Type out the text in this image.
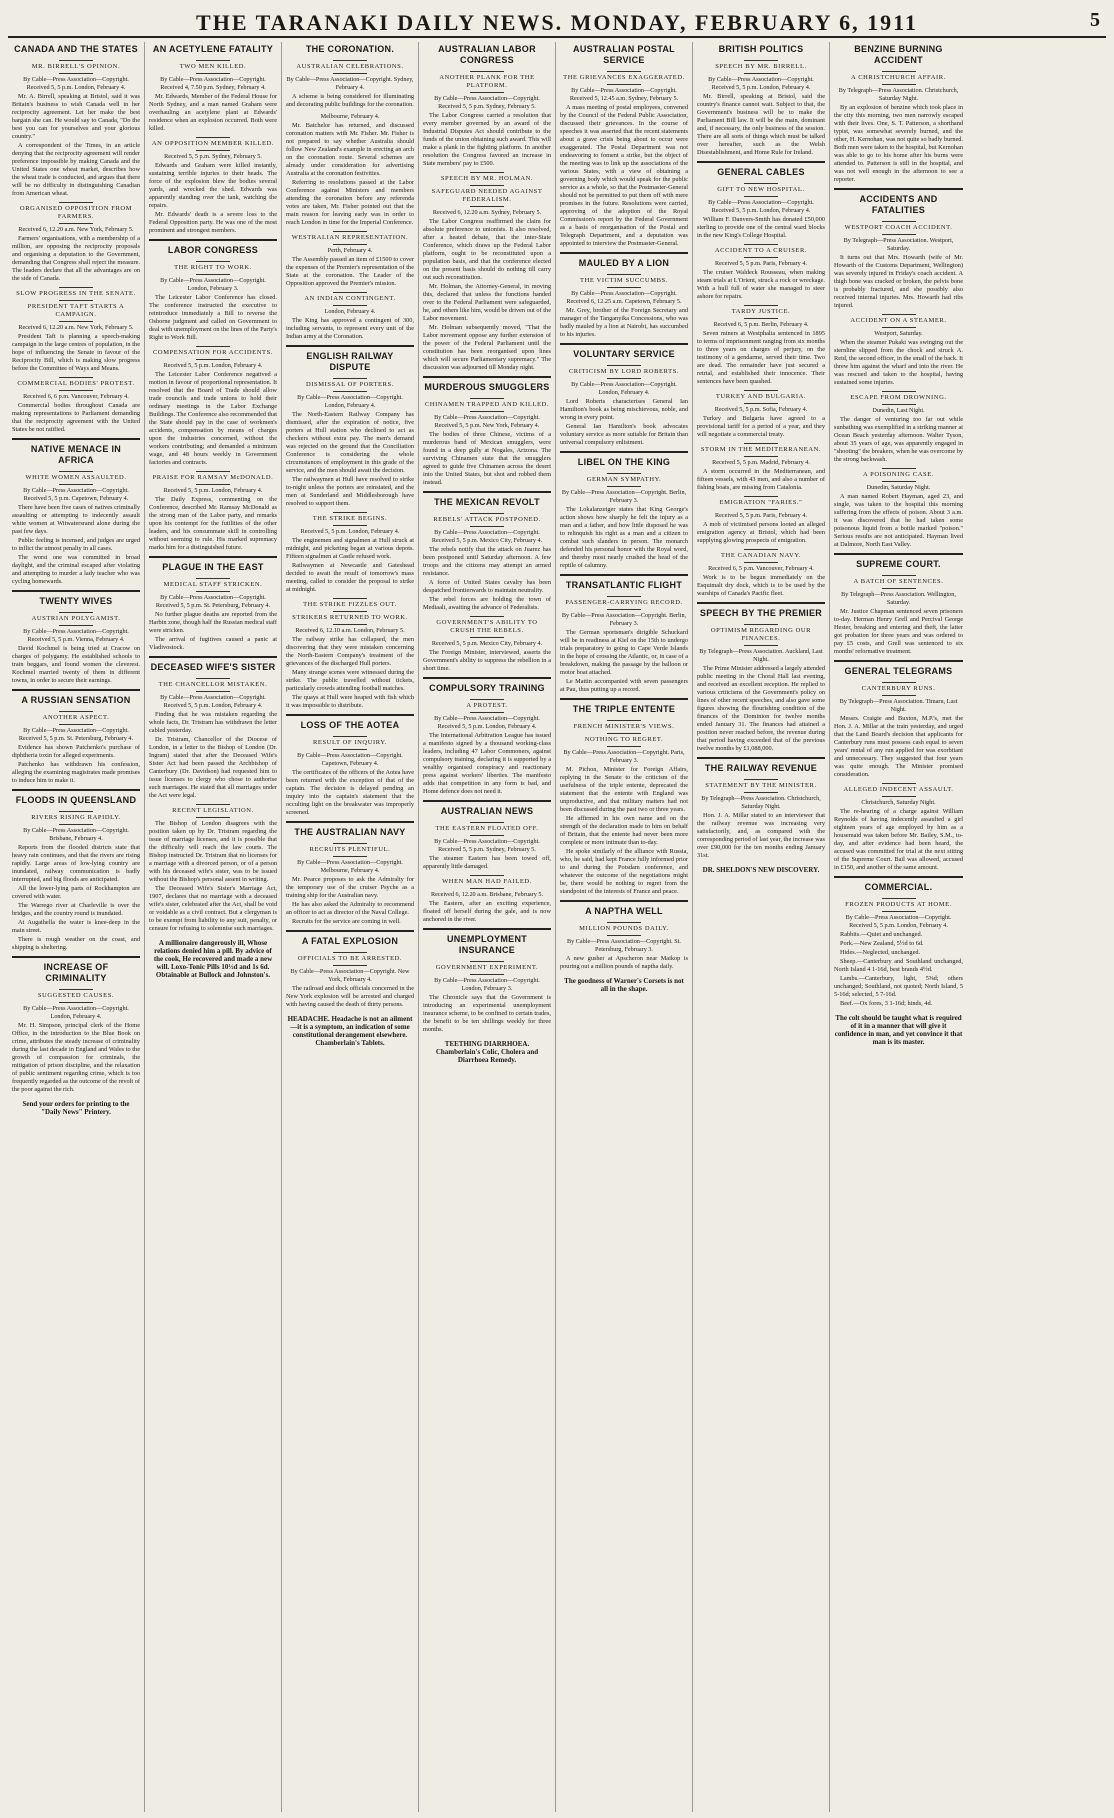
THE TARANAKI DAILY NEWS. MONDAY, FEBRUARY 6, 1911	5
CANADA AND THE STATES
MR. BIRRELL'S OPINION.
By Cable—Press Association—Copyright. Received 5, 5 p.m. London, February 4.

Mr. A. Birrell, speaking at Bristol, said it was Britain's business to wish Canada well in her reciprocity agreement. Let her make the best bargain she can. He would say to Canada, "Do the best you can for yourselves and your glorious country."

A correspondent of the Times, in an article denying that the reciprocity agreement will render preference impossible by making Canada and the United States one wheat market, describes how the wheat trade is conducted, and argues that there will be no difficulty in distinguishing Canadian from American wheat.

ORGANISED OPPOSITION FROM FARMERS.
Received 6, 12.20 a.m. New York, February 5.

Farmers' organisations, with a membership of a million, are opposing the reciprocity proposals and organising a deputation to the Government, demanding that Congress shall reject the measure. The leaders declare that all the advantages are on the side of Canada.

SLOW PROGRESS IN THE SENATE.
PRESIDENT TAFT STARTS A CAMPAIGN.
Received 6, 12.20 a.m. New York, February 5.

President Taft is planning a speech-making campaign in the large centres of population, in the hope of influencing the Senate in favour of the Reciprocity Bill, which is making slow progress before the Committee of Ways and Means.

COMMERCIAL BODIES' PROTEST.
Received 6, 6 p.m. Vancouver, February 4.

Commercial bodies throughout Canada are making representations to Parliament demanding that the reciprocity agreement with the United States be not ratified.

NATIVE MENACE IN AFRICA
WHITE WOMEN ASSAULTED.
By Cable—Press Association—Copyright. Received 5, 5 p.m. Capetown, February 4.

There have been five cases of natives criminally assaulting or attempting to indecently assault white women at Witwatersrand alone during the past few days.

Public feeling is incensed, and judges are urged to inflict the utmost penalty in all cases.

The worst one was committed in broad daylight, and the criminal escaped after violating and attempting to murder a lady teacher who was cycling homewards.

TWENTY WIVES
AUSTRIAN POLYGAMIST.
By Cable—Press Association—Copyright. Received 5, 5 p.m. Vienna, February 4.

David Kochmel is being tried at Cracow on charges of polygamy. He established schools to train beggars, and found women the cleverest. Kochmel married twenty of them in different towns, in order to secure their earnings.

A RUSSIAN SENSATION
ANOTHER ASPECT.
By Cable—Press Association—Copyright. Received 5, 5 p.m. St. Petersburg, February 4.

Evidence has shown Patchenko's purchase of diphtheria toxin for alleged experiments.

Patchenko has withdrawn his confession, alleging the examining magistrates made promises to induce him to make it.

FLOODS IN QUEENSLAND
RIVERS RISING RAPIDLY.
By Cable—Press Association—Copyright. Brisbane, February 4.

Reports from the flooded districts state that heavy rain continues, and that the rivers are rising rapidly. Large areas of low-lying country are inundated, railway communication is badly interrupted, and big floods are anticipated.

All the lower-lying parts of Rockhampton are covered with water.

The Warrego river at Charleville is over the bridges, and the country round is inundated.

At Augathella the water is knee-deep in the main street.

There is rough weather on the coast, and shipping is sheltering.

INCREASE OF CRIMINALITY
SUGGESTED CAUSES.
By Cable—Press Association—Copyright. London, February 4.

Mr. H. Simpson, principal clerk of the Home Office, in the introduction to the Blue Book on crime, attributes the steady increase of criminality during the last decade in England and Wales to the growth of compassion for criminals, the mitigation of prison discipline, and the relaxation of public sentiment regarding crime, which is too frequently regarded as the outcome of the revolt of the poor against the rich.

Send your orders for printing to the "Daily News" Printery.
AN ACETYLENE FATALITY
TWO MEN KILLED.
By Cable—Press Association—Copyright. Received 4, 7.50 p.m. Sydney, February 4.

Mr. Edwards, Member of the Federal House for North Sydney, and a man named Graham were overhauling an acetylene plant at Edwards' residence when an explosion occurred. Both were killed.

AN OPPOSITION MEMBER KILLED.
Received 5, 5 p.m. Sydney, February 5.

Edwards and Graham were killed instantly, sustaining terrible injuries to their heads. The force of the explosion blew the bodies several yards, and wrecked the shed. Edwards was apparently standing over the tank, watching the repairs.

Mr. Edwards' death is a severe loss to the Federal Opposition party. He was one of the most prominent and strongest members.

LABOR CONGRESS
THE RIGHT TO WORK.
By Cable—Press Association—Copyright. London, February 3.

The Leicester Labor Conference has closed. The conference instructed the executive to reintroduce immediately a Bill to reverse the Osborne judgment and called on Government to deal with unemployment on the lines of the Party's Right to Work Bill.

COMPENSATION FOR ACCIDENTS.
Received 5, 5 p.m. London, February 4.

The Leicester Labor Conference negatived a motion in favour of proportional representation. It resolved that the Board of Trade should allow trade councils and trade unions to hold their ordinary meetings in the Labor Exchange Buildings. The Conference also recommended that the State should pay in the case of workmen's accidents, compensation by means of charges upon the industries concerned, without the workers contributing; and demanded a minimum wage, and 48 hours weekly in Government factories and contracts.

PRAISE FOR RAMSAY McDONALD.
Received 5, 5 p.m. London, February 4.

The Daily Express, commenting on the Conference, described Mr. Ramsay McDonald as the strong man of the Labor party, and remarks upon his contempt for the futilities of the other leaders, and his consummate skill in controlling without seeming to rule. His marked supremacy marks him for a distinguished future.

PLAGUE IN THE EAST
MEDICAL STAFF STRICKEN.
By Cable—Press Association—Copyright. Received 5, 5 p.m. St. Petersburg, February 4.

No further plague deaths are reported from the Harbin zone, though half the Russian medical staff were stricken.

The arrival of fugitives caused a panic at Vladivostock.

DECEASED WIFE'S SISTER
THE CHANCELLOR MISTAKEN.
By Cable—Press Association—Copyright. Received 5, 5 p.m. London, February 4.

Finding that he was mistaken regarding the whole facts, Dr. Tristram has withdrawn the letter cabled yesterday.

Dr. Tristram, Chancellor of the Diocese of London, in a letter to the Bishop of London (Dr. Ingram) stated that after the Deceased Wife's Sister Act had been passed the Archbishop of Canterbury (Dr. Davidson) had requested him to issue licenses to clergy who chose to authorise such marriages. He stated that all marriages under the Act were legal.

RECENT LEGISLATION.

The Bishop of London disagrees with the position taken up by Dr. Tristram regarding the issue of marriage licenses, and it is possible that the difficulty will reach the law courts. The Bishop instructed Dr. Tristram that no licenses for a marriage with a divorced person, or of a person with his deceased wife's sister, was to be issued without the Bishop's personal assent in writing.

The Deceased Wife's Sister's Marriage Act, 1907, declares that no marriage with a deceased wife's sister, celebrated after the Act, shall be void or voidable as a civil contract. But a clergyman is to be exempt from liability to any suit, penalty, or censure for refusing to solemnise such marriages.

A millionaire dangerously ill, Whose relations denied him a pill. By advice of the cook, He recovered and made a new will. Loxo-Tonic Pills 10½d and 1s 6d. Obtainable at Bullock and Johnston's.
THE CORONATION.
AUSTRALIAN CELEBRATIONS.
By Cable—Press Association—Copyright. Sydney, February 4.

A scheme is being considered for illuminating and decorating public buildings for the coronation.

Melbourne, February 4.

Mr. Batchelor has returned, and discussed coronation matters with Mr. Fisher. Mr. Fisher is not prepared to say whether Australia should follow New Zealand's example in erecting an arch on the coronation route. Several schemes are already under consideration for advertising Australia at the coronation festivities.

Referring to resolutions passed at the Labor Conference against Ministers and members attending the coronation before any referenda votes are taken, Mr. Fisher pointed out that the main reason for leaving early was in order to reach London in time for the Imperial Conference.

WESTRALIAN REPRESENTATION.
Perth, February 4.

The Assembly passed an item of £1500 to cover the expenses of the Premier's representation of the State at the coronation. The Leader of the Opposition approved the Premier's mission.

AN INDIAN CONTINGENT.
London, February 4.

The King has approved a contingent of 300, including servants, to represent every unit of the Indian army at the Coronation.

ENGLISH RAILWAY DISPUTE
DISMISSAL OF PORTERS.
By Cable—Press Association—Copyright. London, February 4.

The North-Eastern Railway Company has dismissed, after the expiration of notice, five porters at Hull station who declined to act as checkers without extra pay. The men's demand was rejected on the ground that the Conciliation Conference is considering the whole circumstances of employment in this grade of the service, and the men should await the decision.

The railwaymen at Hull have resolved to strike to-night unless the porters are reinstated, and the men at Sunderland and Middlesborough have resolved to support them.

THE STRIKE BEGINS.
Received 5, 5 p.m. London, February 4.

The enginemen and signalmen at Hull struck at midnight, and picketing began at various depots. Fifteen signalmen at Castle refused work.

Railwaymen at Newcastle and Gateshead decided to await the result of tomorrow's mass meeting, called to consider the proposal to strike at midnight.

THE STRIKE FIZZLES OUT.
STRIKERS RETURNED TO WORK.
Received 6, 12.10 a.m. London, February 5.

The railway strike has collapsed, the men discovering that they were mistaken concerning the North-Eastern Company's treatment of the grievances of the discharged Hull porters.

Many strange scenes were witnessed during the strike. The public travelled without tickets, particularly crowds attending football matches.

The quays at Hull were heaped with fish which it was impossible to distribute.

LOSS OF THE AOTEA
RESULT OF INQUIRY.
By Cable—Press Association—Copyright. Capetown, February 4.

The certificates of the officers of the Aotea have been returned with the exception of that of the captain. The decision is delayed pending an inquiry into the captain's statement that the occulting light on the breakwater was improperly screened.

THE AUSTRALIAN NAVY
RECRUITS PLENTIFUL.
By Cable—Press Association—Copyright. Melbourne, February 4.

Mr. Pearce proposes to ask the Admiralty for the temporary use of the cruiser Psyche as a training ship for the Australian navy.

He has also asked the Admiralty to recommend an officer to act as director of the Naval College.

Recruits for the service are coming in well.

A FATAL EXPLOSION
OFFICIALS TO BE ARRESTED.
By Cable—Press Association—Copyright. New York, February 4.

The railroad and dock officials concerned in the New York explosion will be arrested and charged with having caused the death of thirty persons.

HEADACHE. Headache is not an ailment—it is a symptom, an indication of some constitutional derangement elsewhere. Chamberlain's Tablets.
AUSTRALIAN LABOR CONGRESS
ANOTHER PLANK FOR THE PLATFORM.
By Cable—Press Association—Copyright. Received 5, 5 p.m. Sydney, February 5.

The Labor Congress carried a resolution that every member governed by an award of the Industrial Disputes Act should contribute to the funds of the union obtaining such award. This will make a plank in the fighting platform. In another resolution the Congress favored an increase in State members' pay to £500.

SPEECH BY MR. HOLMAN.
SAFEGUARD NEEDED AGAINST FEDERALISM.
Received 6, 12.20 a.m. Sydney, February 5.

The Labor Congress reaffirmed the claim for absolute preference to unionists. It also resolved, after a heated debate, that the inter-State Conference, which draws up the Federal Labor platform, ought to be reconstituted upon a population basis, and that the conference elected on the present basis should do nothing till carry out such reconstitution.

Mr. Holman, the Attorney-General, in moving this, declared that unless the functions handed over to the Federal Parliament were safeguarded, he, and others like him, would be driven out of the Labor movement.

Mr. Holman subsequently moved, "That the Labor movement oppose any further extension of the power of the Federal Parliament until the constitution has been reorganised upon lines which will secure Parliamentary supremacy." The discussion was adjourned till Monday night.

MURDEROUS SMUGGLERS
CHINAMEN TRAPPED AND KILLED.
By Cable—Press Association—Copyright. Received 5, 5 p.m. New York, February 4.

The bodies of three Chinese, victims of a murderous band of Mexican smugglers, were found in a deep gully at Nogales, Arizona. The surviving Chinamen state that the smugglers agreed to guide five Chinamen across the desert into the United States, but shot and robbed them instead.

THE MEXICAN REVOLT
REBELS' ATTACK POSTPONED.
By Cable—Press Association—Copyright. Received 5, 5 p.m. Mexico City, February 4.

The rebels notify that the attack on Juarez has been postponed until Saturday afternoon. A few troops and the citizens may attempt an armed resistance.

A force of United States cavalry has been despatched frontierwards to maintain neutrality.

The rebel forces are holding the town of Mediaali, awaiting the advance of Federalists.

GOVERNMENT'S ABILITY TO CRUSH THE REBELS.
Received 5, 5 p.m. Mexico City, February 4.

The Foreign Minister, interviewed, asserts the Government's ability to suppress the rebellion in a short time.

COMPULSORY TRAINING
A PROTEST.
By Cable—Press Association—Copyright. Received 5, 5 p.m. London, February 4.

The International Arbitration League has issued a manifesto signed by a thousand working-class leaders, including 47 Labor Commoners, against compulsory training, declaring it is supported by a wealthy organised conspiracy and reactionary press against workers' liberties. The manifesto adds that competition in any form is bad, and Home defence does not need it.

AUSTRALIAN NEWS
THE EASTERN FLOATED OFF.
By Cable—Press Association—Copyright. Received 5, 5 p.m. Sydney, February 5.

The steamer Eastern has been towed off, apparently little damaged.

WHEN MAN HAD FAILED.
Received 6, 12.20 a.m. Brisbane, February 5.

The Eastern, after an exciting experience, floated off herself during the gale, and is now anchored in the river.

UNEMPLOYMENT INSURANCE
GOVERNMENT EXPERIMENT.
By Cable—Press Association—Copyright. London, February 3.

The Chronicle says that the Government is introducing an experimental unemployment insurance scheme, to be confined to certain trades, the benefit to be ten shillings weekly for three months.

TEETHING DIARRHOEA. Chamberlain's Colic, Cholera and Diarrhoea Remedy.
AUSTRALIAN POSTAL SERVICE
THE GRIEVANCES EXAGGERATED.
By Cable—Press Association—Copyright. Received 5, 12.45 a.m. Sydney, February 5.

A mass meeting of postal employees, convened by the Council of the Federal Public Association, discussed their grievances. In the course of speeches it was asserted that the recent statements about a grave crisis being about to occur were exaggerated. The Postal Department was not endeavoring to foment a strike, but the object of the meeting was to link up the associations of the various States, with a view of obtaining a governing body which would speak for the public service as a whole, so that the Postmaster-General should not be permitted to put them off with mere promises in the future. Resolutions were carried, approving of the adoption of the Royal Commission's report by the Federal Government as a basis of reorganisation of the Postal and Telegraph Department, and a deputation was appointed to interview the Postmaster-General.

MAULED BY A LION
THE VICTIM SUCCUMBS.
By Cable—Press Association—Copyright. Received 6, 12.25 a.m. Capetown, February 5.

Mr. Grey, brother of the Foreign Secretary and manager of the Tanganyika Concessions, who was badly mauled by a lion at Nairobi, has succumbed to his injuries.

VOLUNTARY SERVICE
CRITICISM BY LORD ROBERTS.
By Cable—Press Association—Copyright. London, February 4.

Lord Roberts characterises General Ian Hamilton's book as being mischievous, noble, and wrong in every point.

General Ian Hamilton's book advocates voluntary service as more suitable for Britain than universal compulsory enlistment.

LIBEL ON THE KING
GERMAN SYMPATHY.
By Cable—Press Association—Copyright. Berlin, February 3.

The Lokalanzeiger states that King George's action shows how sharply he felt the injury as a man and a father, and how little disposed he was to relinquish his right as a man and a citizen to combat such slanders in person. The monarch defended his personal honor with the Royal word, and thereby most nearly crushed the head of the reptile of calumny.

TRANSATLANTIC FLIGHT
PASSENGER-CARRYING RECORD.
By Cable—Press Association—Copyright. Berlin, February 3.

The German sportsman's dirigible Schuckard will be in readiness at Kiel on the 15th to undergo trials preparatory to going to Cape Verde Islands in the hope of crossing the Atlantic, or, in case of a breakdown, making the passage by the balloon or motor boat attached.

Le Mattin accompanied with seven passengers at Pau, thus putting up a record.

THE TRIPLE ENTENTE
FRENCH MINISTER'S VIEWS.
NOTHING TO REGRET.
By Cable—Press Association—Copyright. Paris, February 3.

M. Pichon, Minister for Foreign Affairs, replying in the Senate to the criticism of the usefulness of the triple entente, deprecated the statement that the entente with England was unproductive, and that military matters had not been discussed during the past two or three years.

He affirmed in his own name and on the strength of the declaration made to him on behalf of Britain, that the entente had never been more complete or more intimate than to-day.

He spoke similarly of the alliance with Russia, who, he said, had kept France fully informed prior to and during the Potsdam conference, and whatever the outcome of the negotiations might be, there would be nothing to regret from the standpoint of the interests of France and peace.

A NAPTHA WELL
MILLION POUNDS DAILY.
By Cable—Press Association—Copyright. St. Petersburg, February 3.

A new gusher at Apscheron near Maikop is pouring out a million pounds of naptha daily.

The goodness of Warner's Corsets is not all in the shape.
BRITISH POLITICS
SPEECH BY MR. BIRRELL.
By Cable—Press Association—Copyright. Received 5, 5 p.m. London, February 4.

Mr. Birrell, speaking at Bristol, said the country's finance cannot wait. Subject to that, the Government's business will be to make the Parliament Bill law. It will be the main, dominant and, if necessary, the only business of the session. There are all sorts of things which must be talked over hereafter, such as the Welsh Disestablishment, and Home Rule for Ireland.

GENERAL CABLES
GIFT TO NEW HOSPITAL.
By Cable—Press Association—Copyright. Received 5, 5 p.m. London, February 4.

William F. Danvers-Smith has donated £50,000 sterling to provide one of the central ward blocks in the new King's College Hospital.

ACCIDENT TO A CRUISER.
Received 5, 5 p.m. Paris, February 4.

The cruiser Waldeck Rousseau, when making steam trials at L'Orient, struck a rock or wreckage. With a hull full of water she managed to steer ashore for repairs.

TARDY JUSTICE.
Received 6, 5 p.m. Berlin, February 4.

Seven miners at Westphalia sentenced in 1895 to terms of imprisonment ranging from six months to three years on charges of perjury, on the testimony of a gendarme, served their time. Two are dead. The remainder have just secured a retrial, and established their innocence. Their sentences have been quashed.

TURKEY AND BULGARIA.
Received 5, 5 p.m. Sofia, February 4.

Turkey and Bulgaria have agreed to a provisional tariff for a period of a year, and they will negotiate a commercial treaty.

STORM IN THE MEDITERRANEAN.
Received 5, 5 p.m. Madrid, February 4.

A storm occurred in the Mediterranean, and fifteen vessels, with 43 men, and also a number of fishing boats, are missing from Catalonia.

EMIGRATION "FARIES."
Received 5, 5 p.m. Paris, February 4.

A mob of victimised persons looted an alleged emigration agency at Bristol, which had been supplying glowing prospects of emigration.

THE CANADIAN NAVY.
Received 6, 5 p.m. Vancouver, February 4.

Work is to be begun immediately on the Esquimalt dry dock, which is to be used by the warships of Canada's Pacific fleet.

SPEECH BY THE PREMIER
OPTIMISM REGARDING OUR FINANCES.
By Telegraph—Press Association. Auckland, Last Night.

The Prime Minister addressed a largely attended public meeting in the Choral Hall last evening, and received an excellent reception. He replied to various criticisms of the Government's policy on lines of other recent speeches, and also gave some figures showing the flourishing condition of the finances of the Dominion for twelve months ended January 31. The finances had attained a position never reached before, the revenue during that period having exceeded that of the previous twelve months by £1,088,000.

THE RAILWAY REVENUE
STATEMENT BY THE MINISTER.
By Telegraph—Press Association. Christchurch, Saturday Night.

Hon. J. A. Millar stated to an interviewer that the railway revenue was increasing very satisfactorily, and, as compared with the corresponding period of last year, the increase was over £90,000 for the ten months ending January 31st.

DR. SHELDON'S NEW DISCOVERY.
BENZINE BURNING ACCIDENT
A CHRISTCHURCH AFFAIR.
By Telegraph—Press Association. Christchurch, Saturday Night.

By an explosion of benzine which took place in the city this morning, two men narrowly escaped with their lives. One, S. T. Patterson, a shorthand typist, was somewhat severely burned, and the other, H. Kernohan, was not quite so badly burned. Both men were taken to the hospital, but Kernohan was able to go to his home after his burns were attended to. Patterson is still in the hospital, and was not well enough in the afternoon to see a reporter.

ACCIDENTS AND FATALITIES
WESTPORT COACH ACCIDENT.
By Telegraph—Press Association. Westport, Saturday.

It turns out that Mrs. Howarth (wife of Mr. Howarth of the Customs Department, Wellington) was severely injured in Friday's coach accident. A thigh bone was cracked or broken, the pelvis bone is probably fractured, and she possibly also received internal injuries. Mrs. Howarth had ribs injured.

ACCIDENT ON A STEAMER.
Westport, Saturday.

When the steamer Pukaki was swinging out the sternline slipped from the chock and struck A. Reid, the second officer, in the small of the back. It threw him against the wharf and into the river. He was rescued and taken to the hospital, having sustained some injuries.

ESCAPE FROM DROWNING.
Dunedin, Last Night.

The danger of venturing too far out while sunbathing was exemplified in a striking manner at Ocean Beach yesterday afternoon. Walter Tyson, about 35 years of age, was apparently engaged in "shooting" the breakers, when he was overcome by the strong backwash.

A POISONING CASE.
Dunedin, Saturday Night.

A man named Robert Hayman, aged 23, and single, was taken to the hospital this morning suffering from the effects of poison. About 3 a.m. it was discovered that he had taken some poisonous liquid from a bottle marked "poison." Serious results are not anticipated. Hayman lived at Dalmore, North East Valley.

SUPREME COURT.
A BATCH OF SENTENCES.
By Telegraph—Press Association. Wellington, Saturday.

Mr. Justice Chapman sentenced seven prisoners to-day. Herman Henry Grell and Percival George Hester, breaking and entering and theft, the latter got probation for three years and was ordered to pay £5 costs, and Grell was sentenced to six months' reformative treatment.

GENERAL TELEGRAMS
CANTERBURY RUNS.
By Telegraph—Press Association. Timaru, Last Night.

Messrs. Craigie and Buxton, M.P.'s, met the Hon. J. A. Millar at the train yesterday, and urged that the Land Board's decision that applicants for Canterbury runs must possess cash equal to seven years' rental of any run applied for was exorbitant and unnecessary. They suggested that four years was quite enough. The Minister promised consideration.

ALLEGED INDECENT ASSAULT.
Christchurch, Saturday Night.

The re-hearing of a charge against William Reynolds of having indecently assaulted a girl eighteen years of age employed by him as a housemaid was taken before Mr. Bailey, S.M., to-day, and after evidence had been heard, the accused was committed for trial at the next sitting of the Supreme Court. Bail was allowed, accused in £150, and another of the same amount.

COMMERCIAL.
FROZEN PRODUCTS AT HOME.
By Cable—Press Association—Copyright. Received 5, 5 p.m. London, February 4.

Rabbits.—Quiet and unchanged.

Pork.—New Zealand, 5½d to 6d.

Hides.—Neglected, unchanged.

Sheep.—Canterbury and Southland unchanged, North Island 4 1-16d, best brands 4½d.

Lambs.—Canterbury, light, 5⅝d; others unchanged; Southland, not quoted; North Island, 5 5-16d; selected, 5 7-16d.

Beef.—Ox fores, 3 1-16d; hinds, 4d.

The colt should be taught what is required of it in a manner that will give it confidence in man, and yet convince it that man is its master.
